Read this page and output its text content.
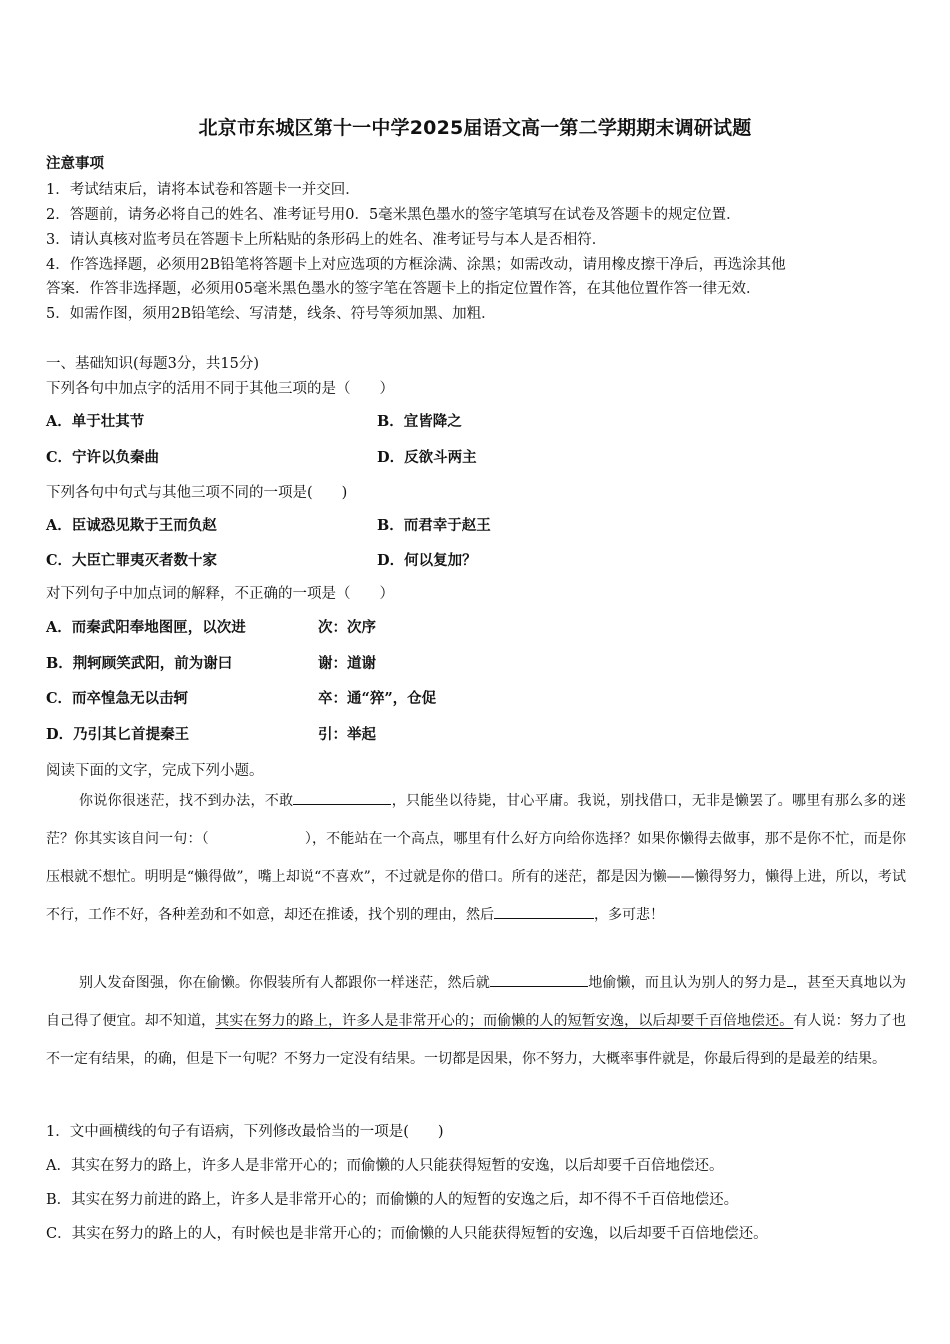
北京市东城区第十一中学2025届语文高一第二学期期末调研试题
注意事项
1．考试结束后，请将本试卷和答题卡一并交回．
2．答题前，请务必将自己的姓名、准考证号用0．5毫米黑色墨水的签字笔填写在试卷及答题卡的规定位置．
3．请认真核对监考员在答题卡上所粘贴的条形码上的姓名、准考证号与本人是否相符．
4．作答选择题，必须用2B铅笔将答题卡上对应选项的方框涂满、涂黑；如需改动，请用橡皮擦干净后，再选涂其他
答案．作答非选择题，必须用05毫米黑色墨水的签字笔在答题卡上的指定位置作答，在其他位置作答一律无效．
5．如需作图，须用2B铅笔绘、写清楚，线条、符号等须加黑、加粗．
一、基础知识(每题3分，共15分)
下列各句中加点字的活用不同于其他三项的是（　　）
A．单于壮其节	B．宜皆降之
C．宁许以负秦曲	D．反欲斗两主
下列各句中句式与其他三项不同的一项是(　　)
A．臣诚恐见欺于王而负赵	B．而君幸于赵王
C．大臣亡罪夷灭者数十家	D．何以复加？
对下列句子中加点词的解释，不正确的一项是（　　）
A．而秦武阳奉地图匣，以次进	次：次序
B．荆轲顾笑武阳，前为谢曰	谢：道谢
C．而卒惶急无以击轲	卒：通“猝”，仓促
D．乃引其匕首提秦王	引：举起
阅读下面的文字，完成下列小题。
你说你很迷茫，找不到办法，不敢	，只能坐以待毙，甘心平庸。我说，别找借口，无非是懒罢了。哪里有那么多的迷茫？你其实该自问一句：（	），不能站在一个高点，哪里有什么好方向给你选择？如果你懒得去做事，那不是你不忙，而是你压根就不想忙。明明是“懒得做”，嘴上却说“不喜欢”，不过就是你的借口。所有的迷茫，都是因为懒——懒得努力，懒得上进，所以，考试不行，工作不好，各种差劲和不如意，却还在推诿，找个别的理由，然后	，多可悲！
别人发奋图强，你在偷懒。你假装所有人都跟你一样迷茫，然后就	地偷懒，而且认为别人的努力是 ，甚至天真地以为自己得了便宜。却不知道，其实在努力的路上，许多人是非常开心的；而偷懒的人的短暂安逸，以后却要千百倍地偿还。有人说：努力了也不一定有结果，的确，但是下一句呢？不努力一定没有结果。一切都是因果，你不努力，大概率事件就是，你最后得到的是最差的结果。
1．文中画横线的句子有语病，下列修改最恰当的一项是(　　)
A．其实在努力的路上，许多人是非常开心的；而偷懒的人只能获得短暂的安逸，以后却要千百倍地偿还。
B．其实在努力前进的路上，许多人是非常开心的；而偷懒的人的短暂的安逸之后，却不得不千百倍地偿还。
C．其实在努力的路上的人，有时候也是非常开心的；而偷懒的人只能获得短暂的安逸，以后却要千百倍地偿还。
